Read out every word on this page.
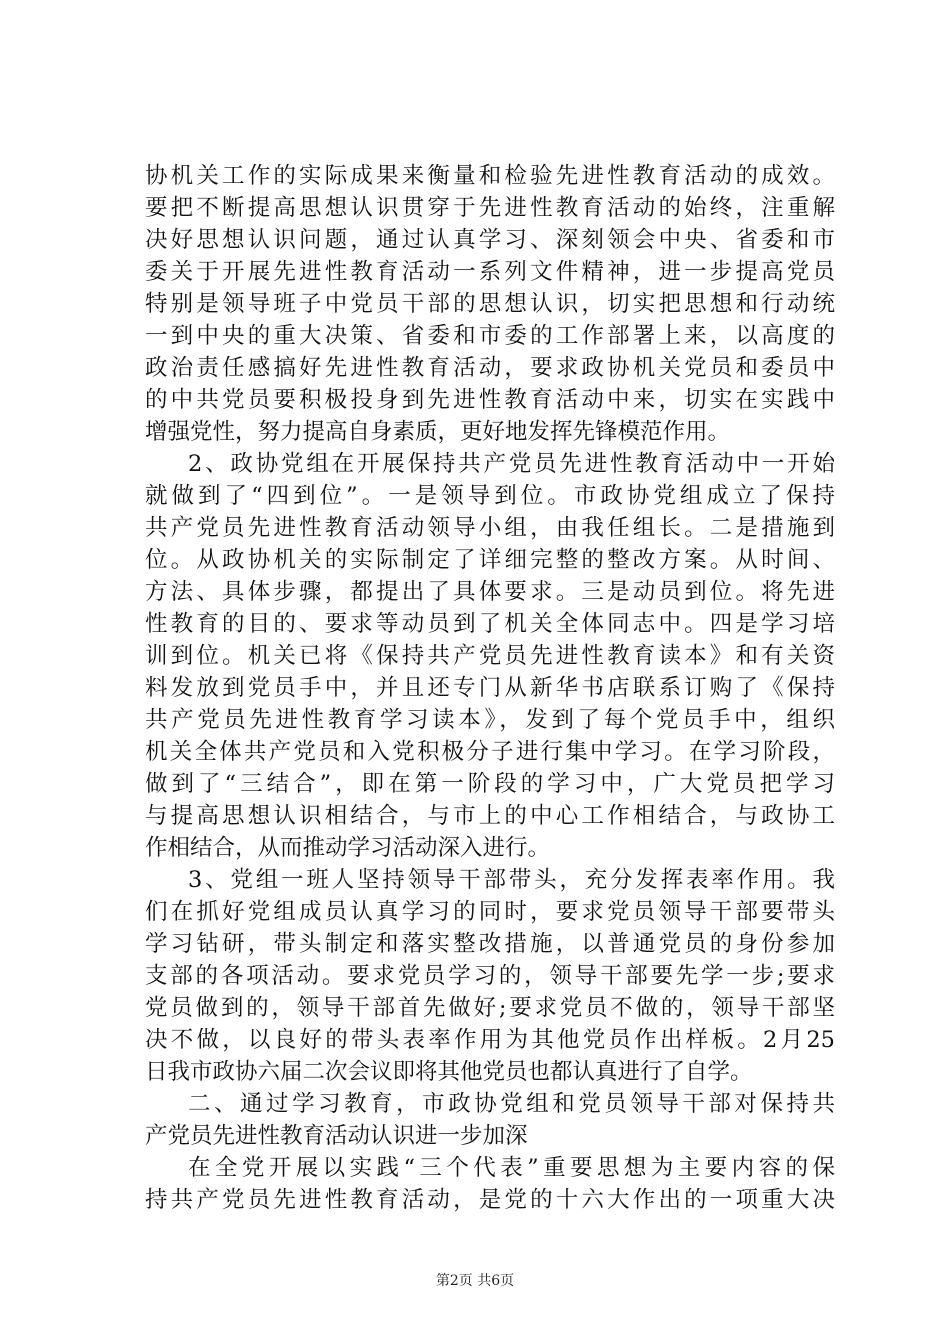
协机关工作的实际成果来衡量和检验先进性教育活动的成效。
要把不断提高思想认识贯穿于先进性教育活动的始终，注重解
决好思想认识问题，通过认真学习、深刻领会中央、省委和市
委关于开展先进性教育活动一系列文件精神，进一步提高党员
特别是领导班子中党员干部的思想认识，切实把思想和行动统
一到中央的重大决策、省委和市委的工作部署上来，以高度的
政治责任感搞好先进性教育活动，要求政协机关党员和委员中
的中共党员要积极投身到先进性教育活动中来，切实在实践中
增强党性，努力提高自身素质，更好地发挥先锋模范作用。
2、政协党组在开展保持共产党员先进性教育活动中一开始
就做到了“四到位”。一是领导到位。市政协党组成立了保持
共产党员先进性教育活动领导小组，由我任组长。二是措施到
位。从政协机关的实际制定了详细完整的整改方案。从时间、
方法、具体步骤，都提出了具体要求。三是动员到位。将先进
性教育的目的、要求等动员到了机关全体同志中。四是学习培
训到位。机关已将《保持共产党员先进性教育读本》和有关资
料发放到党员手中，并且还专门从新华书店联系订购了《保持
共产党员先进性教育学习读本》，发到了每个党员手中，组织
机关全体共产党员和入党积极分子进行集中学习。在学习阶段，
做到了“三结合”，即在第一阶段的学习中，广大党员把学习
与提高思想认识相结合，与市上的中心工作相结合，与政协工
作相结合，从而推动学习活动深入进行。
3、党组一班人坚持领导干部带头，充分发挥表率作用。我
们在抓好党组成员认真学习的同时，要求党员领导干部要带头
学习钻研，带头制定和落实整改措施，以普通党员的身份参加
支部的各项活动。要求党员学习的，领导干部要先学一步;要求
党员做到的，领导干部首先做好;要求党员不做的，领导干部坚
决不做，以良好的带头表率作用为其他党员作出样板。2月25
日我市政协六届二次会议即将其他党员也都认真进行了自学。
二、通过学习教育，市政协党组和党员领导干部对保持共
产党员先进性教育活动认识进一步加深
在全党开展以实践“三个代表”重要思想为主要内容的保
持共产党员先进性教育活动，是党的十六大作出的一项重大决
第2页 共6页
